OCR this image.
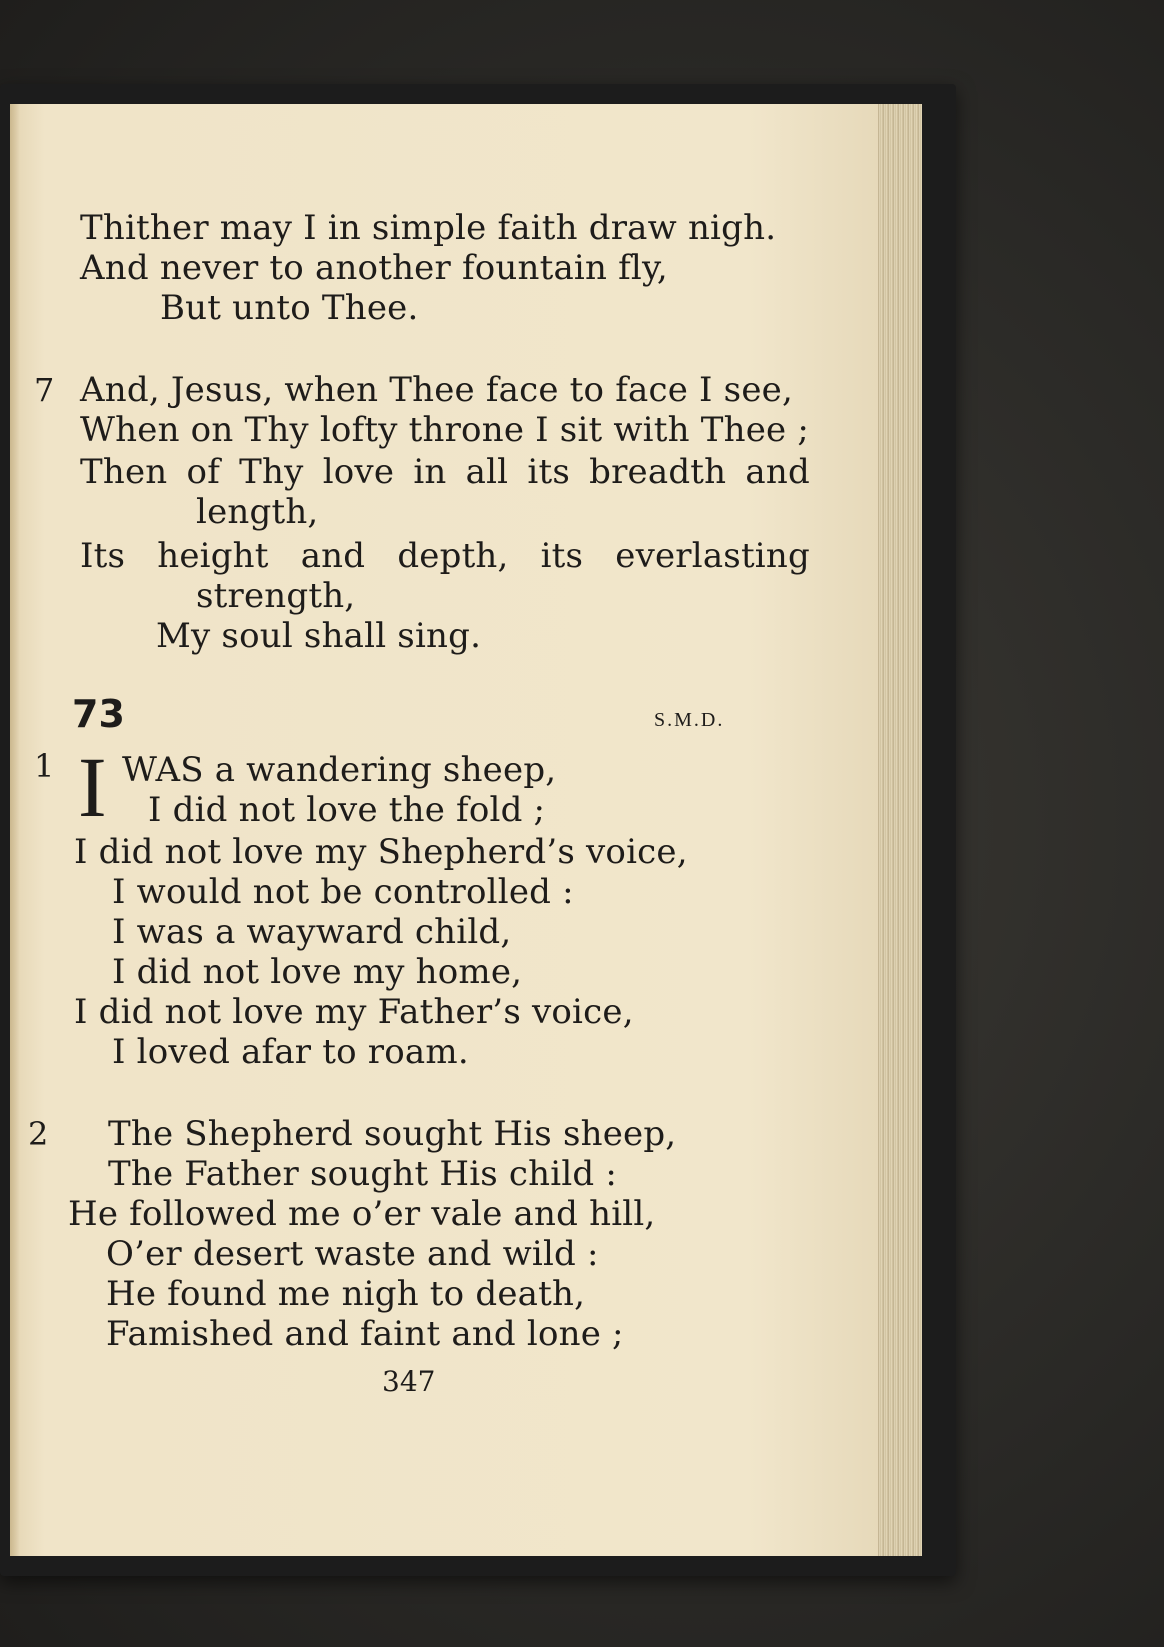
Thither may I in simple faith draw nigh.
And never to another fountain fly,
But unto Thee.
7 And, Jesus, when Thee face to face I see,
When on Thy lofty throne I sit with Thee ;
Then of Thy love in all its breadth and
length,
Its height and depth, its everlasting
strength,
My soul shall sing.
73	S.M.D.
1 I WAS a wandering sheep,
I did not love the fold ;
I did not love my Shepherd’s voice,
I would not be controlled :
I was a wayward child,
I did not love my home,
I did not love my Father’s voice,
I loved afar to roam.
2 The Shepherd sought His sheep,
The Father sought His child :
He followed me o’er vale and hill,
O’er desert waste and wild :
He found me nigh to death,
Famished and faint and lone ;
347
